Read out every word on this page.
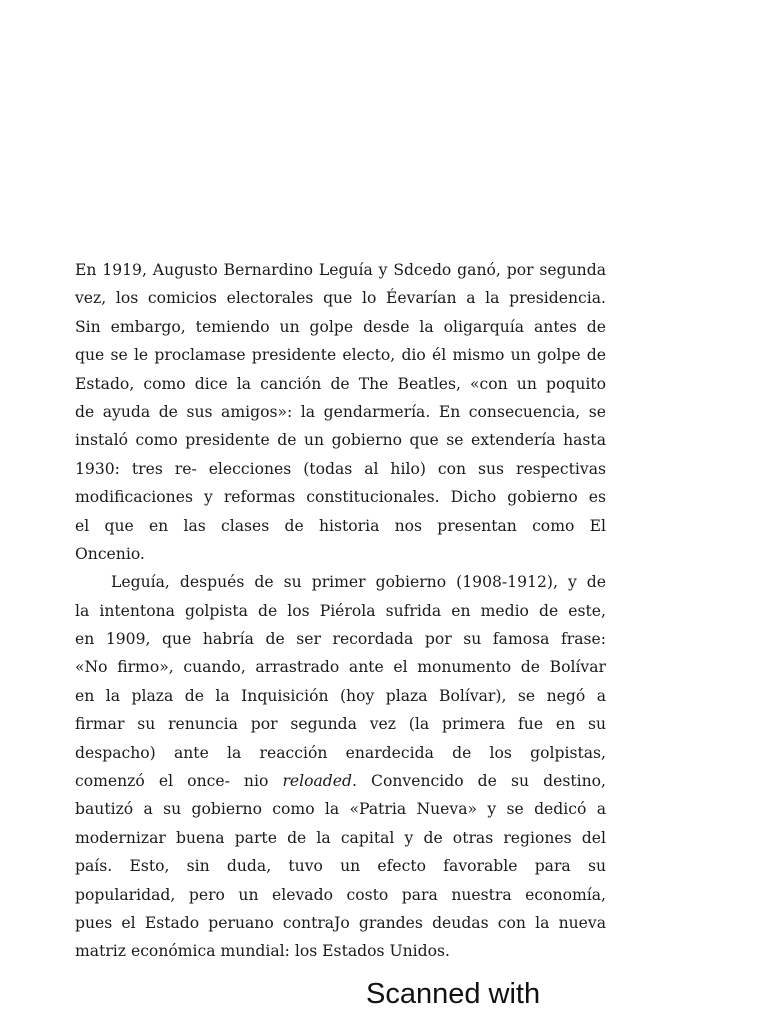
En 1919, Augusto Bernardino Leguía y Sdcedo ganó, por segunda
vez, los comicios electorales que lo Éevarían a la presidencia.
Sin embargo, temiendo un golpe desde la oligarquía antes de
que se le proclamase presidente electo, dio él mismo un golpe de
Estado, como dice la canción de The Beatles, «con un poquito
de ayuda de sus amigos»: la gendarmería. En consecuencia, se
instaló como presidente de un gobierno que se extendería hasta
1930: tres re- elecciones (todas al hilo) con sus respectivas
modificaciones y reformas constitucionales. Dicho gobierno es
el que en las clases de historia nos presentan como El
Oncenio.
Leguía, después de su primer gobierno (1908-1912), y de
la intentona golpista de los Piérola sufrida en medio de este,
en 1909, que habría de ser recordada por su famosa frase:
«No firmo», cuando, arrastrado ante el monumento de Bolívar
en la plaza de la Inquisición (hoy plaza Bolívar), se negó a
firmar su renuncia por segunda vez (la primera fue en su
despacho) ante la reacción enardecida de los golpistas,
comenzó el once- nio reloaded. Convencido de su destino,
bautizó a su gobierno como la «Patria Nueva» y se dedicó a
modernizar buena parte de la capital y de otras regiones del
país. Esto, sin duda, tuvo un efecto favorable para su
popularidad, pero un elevado costo para nuestra economía,
pues el Estado peruano contraJo grandes deudas con la nueva
matriz económica mundial: los Estados Unidos.
Scanned with
